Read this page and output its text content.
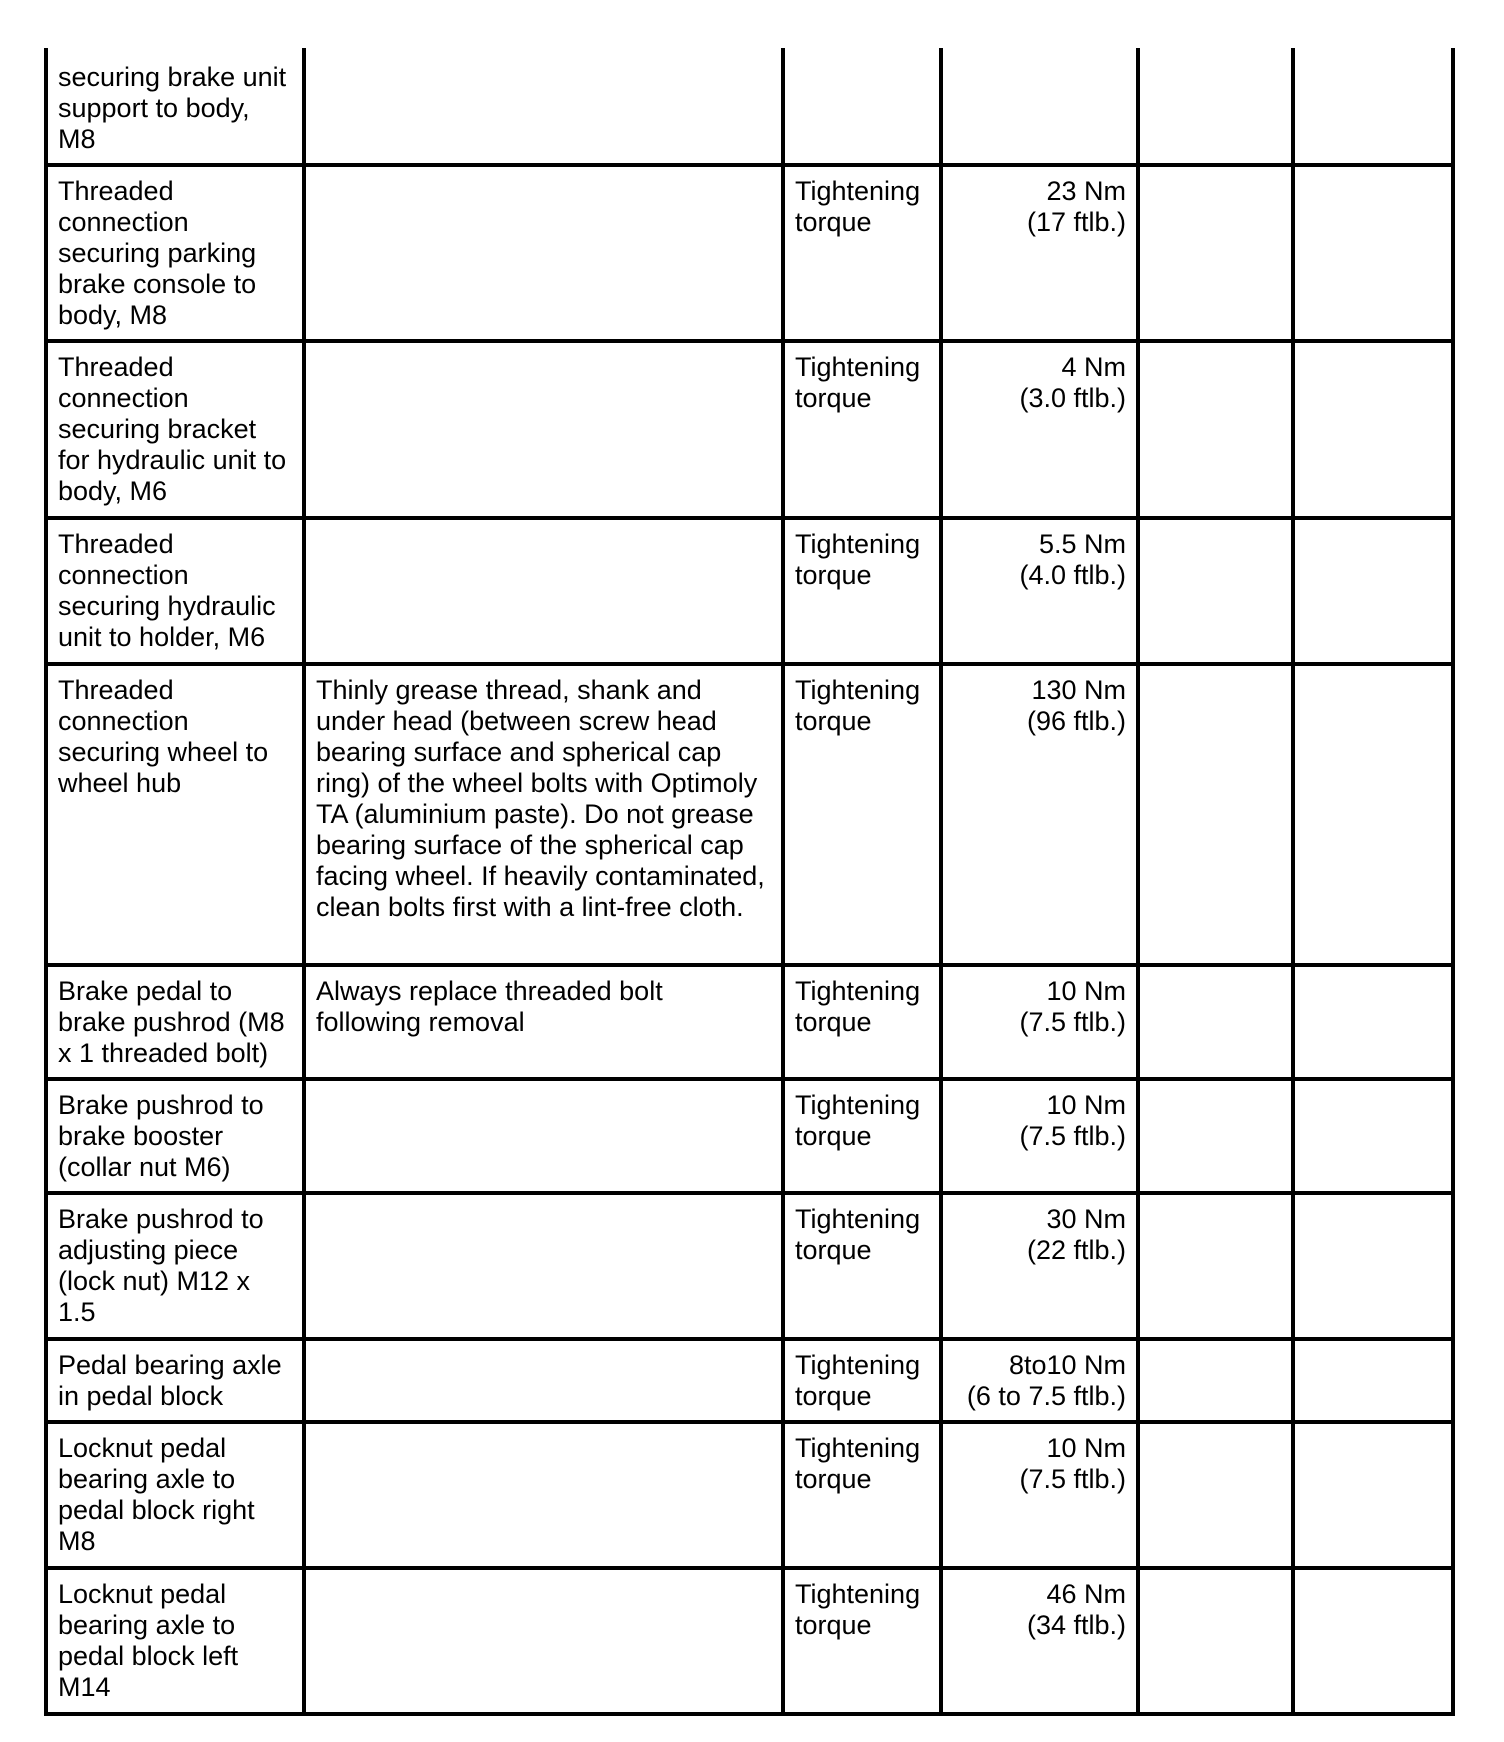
securing brake unit support to body, M8			

Threaded connection securing parking brake console to body, M8		Tightening torque	23 Nm
(17 ftlb.)		

Threaded connection securing bracket for hydraulic unit to body, M6		Tightening torque	4 Nm
(3.0 ftlb.)		

Threaded connection securing hydraulic unit to holder, M6		Tightening torque	5.5 Nm
(4.0 ftlb.)		

Threaded connection securing wheel to wheel hub	Thinly grease thread, shank and under head (between screw head bearing surface and spherical cap ring) of the wheel bolts with Optimoly TA (aluminium paste). Do not grease bearing surface of the spherical cap facing wheel. If heavily contaminated, clean bolts first with a lint-free cloth.	Tightening torque	130 Nm
(96 ftlb.)		

Brake pedal to brake pushrod (M8 x 1 threaded bolt)	Always replace threaded bolt following removal	Tightening torque	10 Nm
(7.5 ftlb.)		

Brake pushrod to brake booster (collar nut M6)		Tightening torque	10 Nm
(7.5 ftlb.)		

Brake pushrod to adjusting piece (lock nut) M12 x 1.5		Tightening torque	30 Nm
(22 ftlb.)		

Pedal bearing axle in pedal block		Tightening torque	8to10 Nm
(6 to 7.5 ftlb.)		

Locknut pedal bearing axle to pedal block right M8		Tightening torque	10 Nm
(7.5 ftlb.)		

Locknut pedal bearing axle to pedal block left M14		Tightening torque	46 Nm
(34 ftlb.)		
